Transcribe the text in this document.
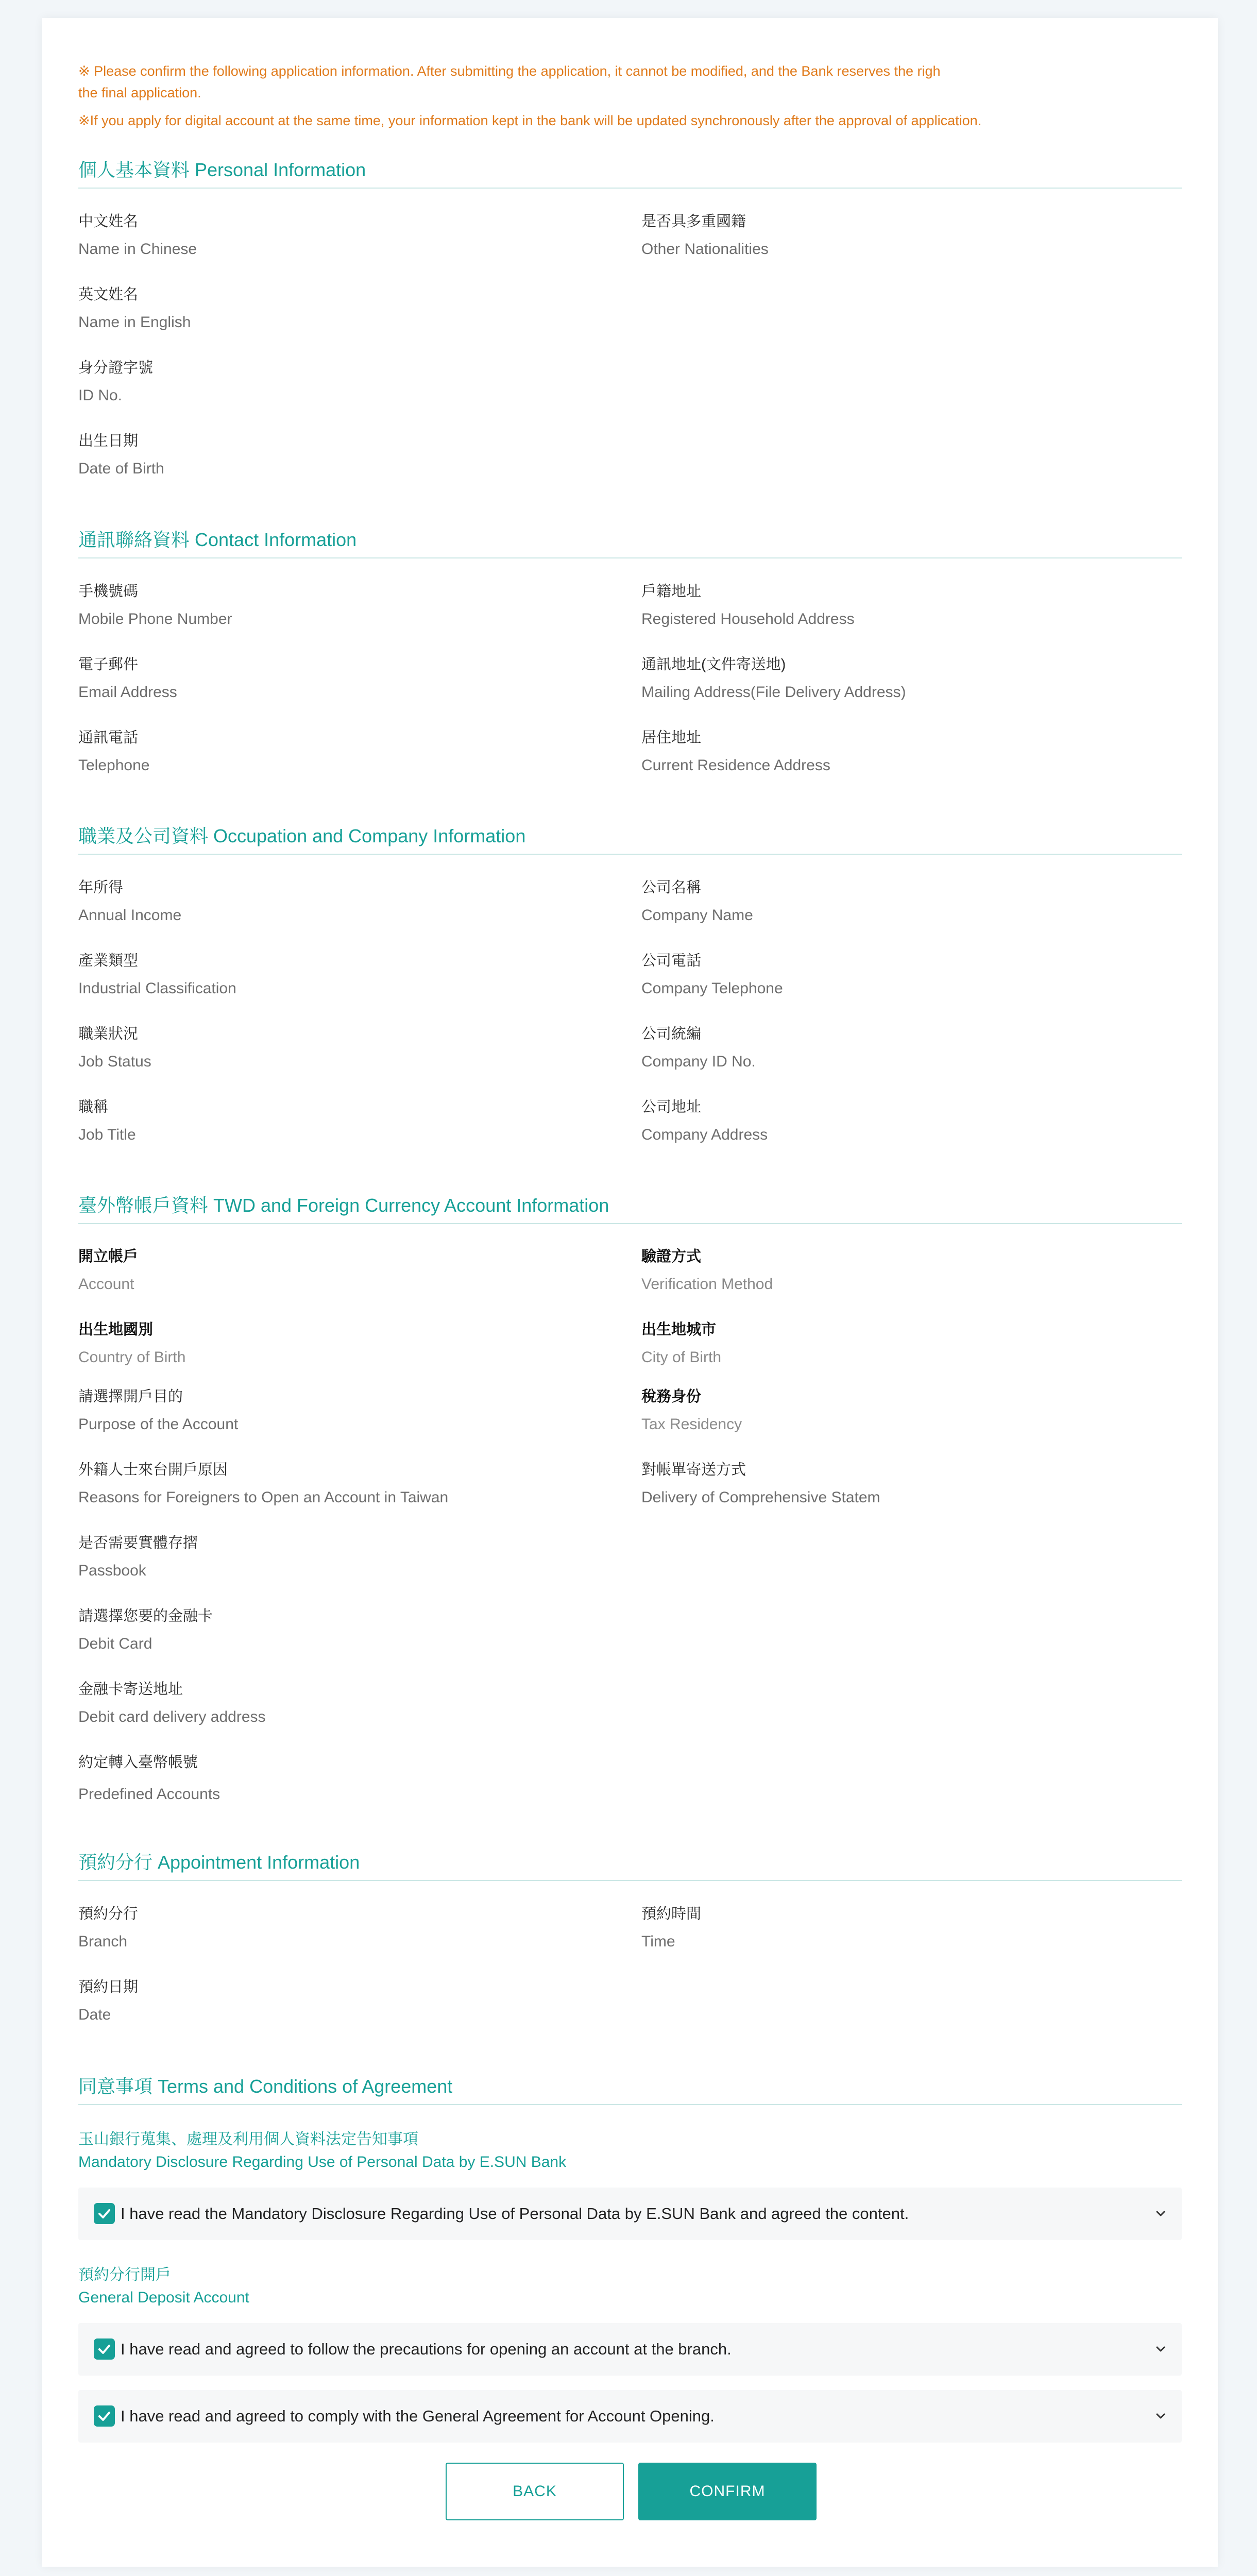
※ Please confirm the following application information. After submitting the application, it cannot be modified, and the Bank reserves the righ
the final application.
※If you apply for digital account at the same time, your information kept in the bank will be updated synchronously after the approval of application.
個人基本資料 Personal Information
中文姓名
Name in Chinese
是否具多重國籍
Other Nationalities
英文姓名
Name in English
身分證字號
ID No.
出生日期
Date of Birth
通訊聯絡資料 Contact Information
手機號碼
Mobile Phone Number
戶籍地址
Registered Household Address
電子郵件
Email Address
通訊地址(文件寄送地)
Mailing Address(File Delivery Address)
通訊電話
Telephone
居住地址
Current Residence Address
職業及公司資料 Occupation and Company Information
年所得
Annual Income
公司名稱
Company Name
產業類型
Industrial Classification
公司電話
Company Telephone
職業狀況
Job Status
公司統編
Company ID No.
職稱
Job Title
公司地址
Company Address
臺外幣帳戶資料 TWD and Foreign Currency Account Information
開立帳戶
Account
驗證方式
Verification Method
出生地國別
Country of Birth
出生地城市
City of Birth
請選擇開戶目的
Purpose of the Account
稅務身份
Tax Residency
外籍人士來台開戶原因
Reasons for Foreigners to Open an Account in Taiwan
對帳單寄送方式
Delivery of Comprehensive Statem
是否需要實體存摺
Passbook
請選擇您要的金融卡
Debit Card
金融卡寄送地址
Debit card delivery address
約定轉入臺幣帳號
Predefined Accounts
預約分行 Appointment Information
預約分行
Branch
預約時間
Time
預約日期
Date
同意事項 Terms and Conditions of Agreement
玉山銀行蒐集、處理及利用個人資料法定告知事項
Mandatory Disclosure Regarding Use of Personal Data by E.SUN Bank
I have read the Mandatory Disclosure Regarding Use of Personal Data by E.SUN Bank and agreed the content.
預約分行開戶
General Deposit Account
I have read and agreed to follow the precautions for opening an account at the branch.
I have read and agreed to comply with the General Agreement for Account Opening.
BACK	CONFIRM
